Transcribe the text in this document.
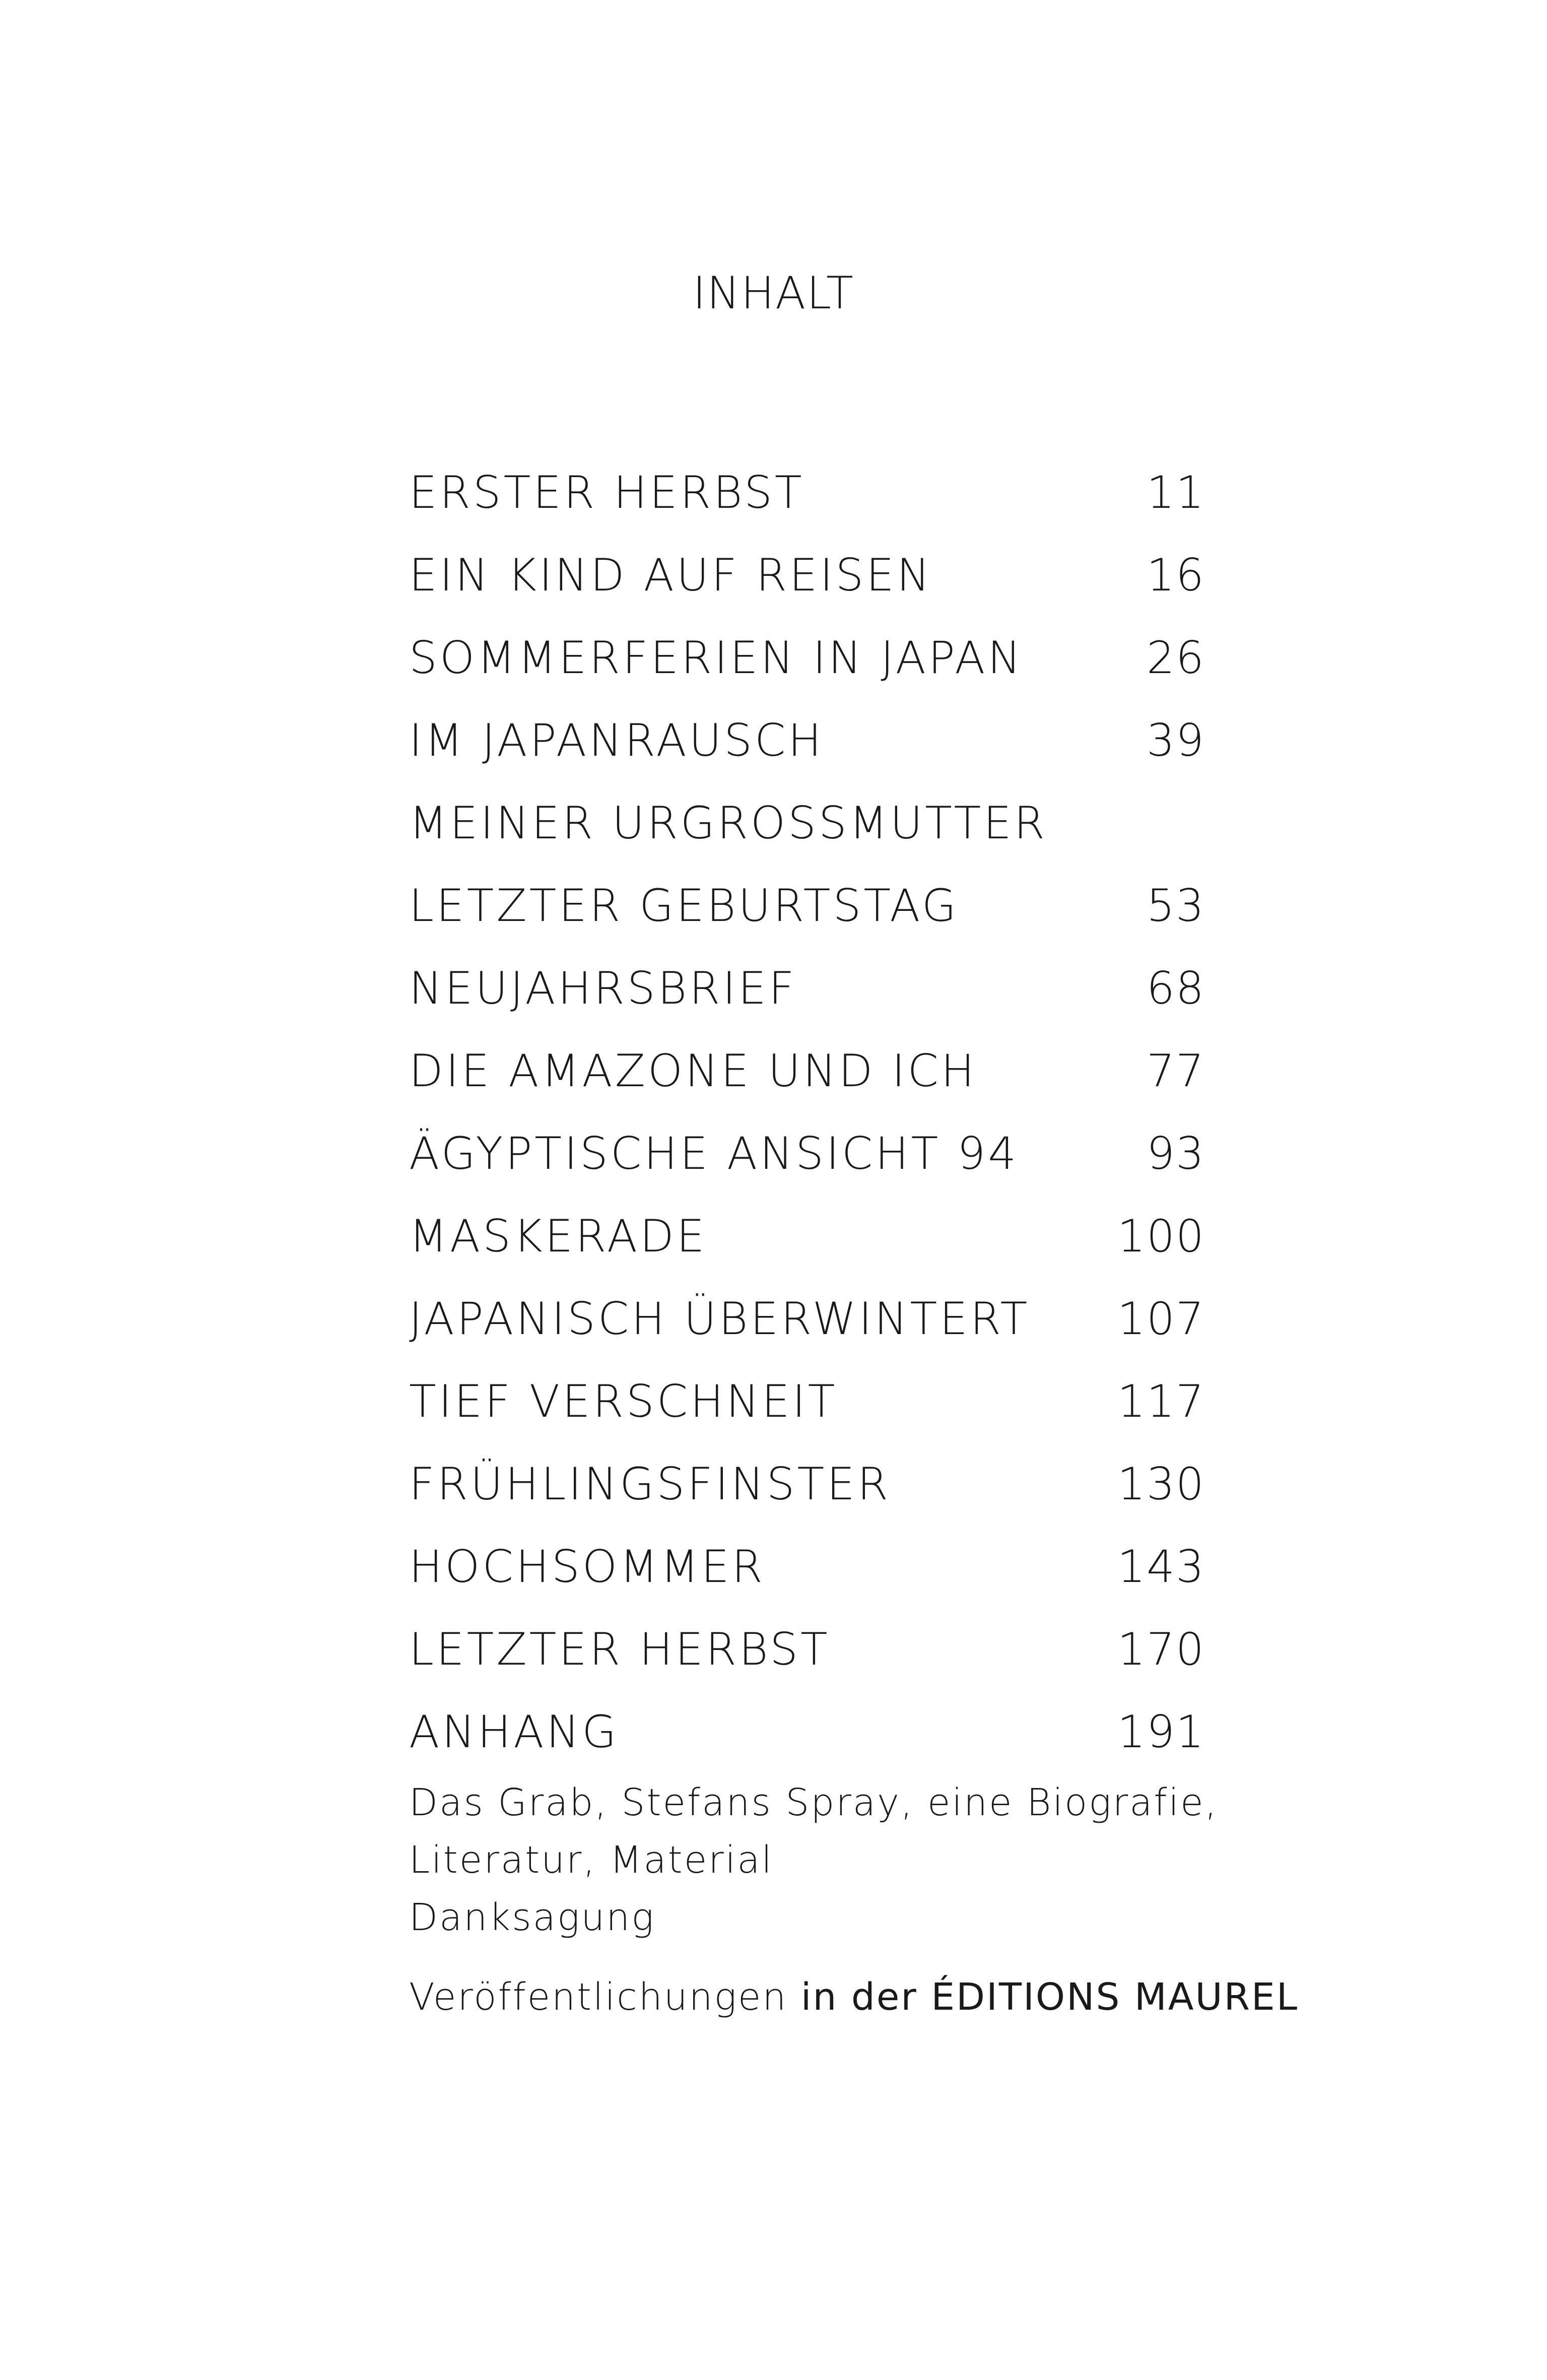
INHALT
ERSTER HERBST	11
EIN KIND AUF REISEN	16
SOMMERFERIEN IN JAPAN	26
IM JAPANRAUSCH	39
MEINER URGROSSMUTTER
LETZTER GEBURTSTAG	53
NEUJAHRSBRIEF	68
DIE AMAZONE UND ICH	77
ÄGYPTISCHE ANSICHT 94	93
MASKERADE	100
JAPANISCH ÜBERWINTERT 107
TIEF VERSCHNEIT	117
FRÜHLINGSFINSTER	130
HOCHSOMMER	143
LETZTER HERBST	170
ANHANG	191
Das Grab, Stefans Spray, eine Biografie,
Literatur, Material
Danksagung
Veröffentlichungen in der ÉDITIONS MAUREL
